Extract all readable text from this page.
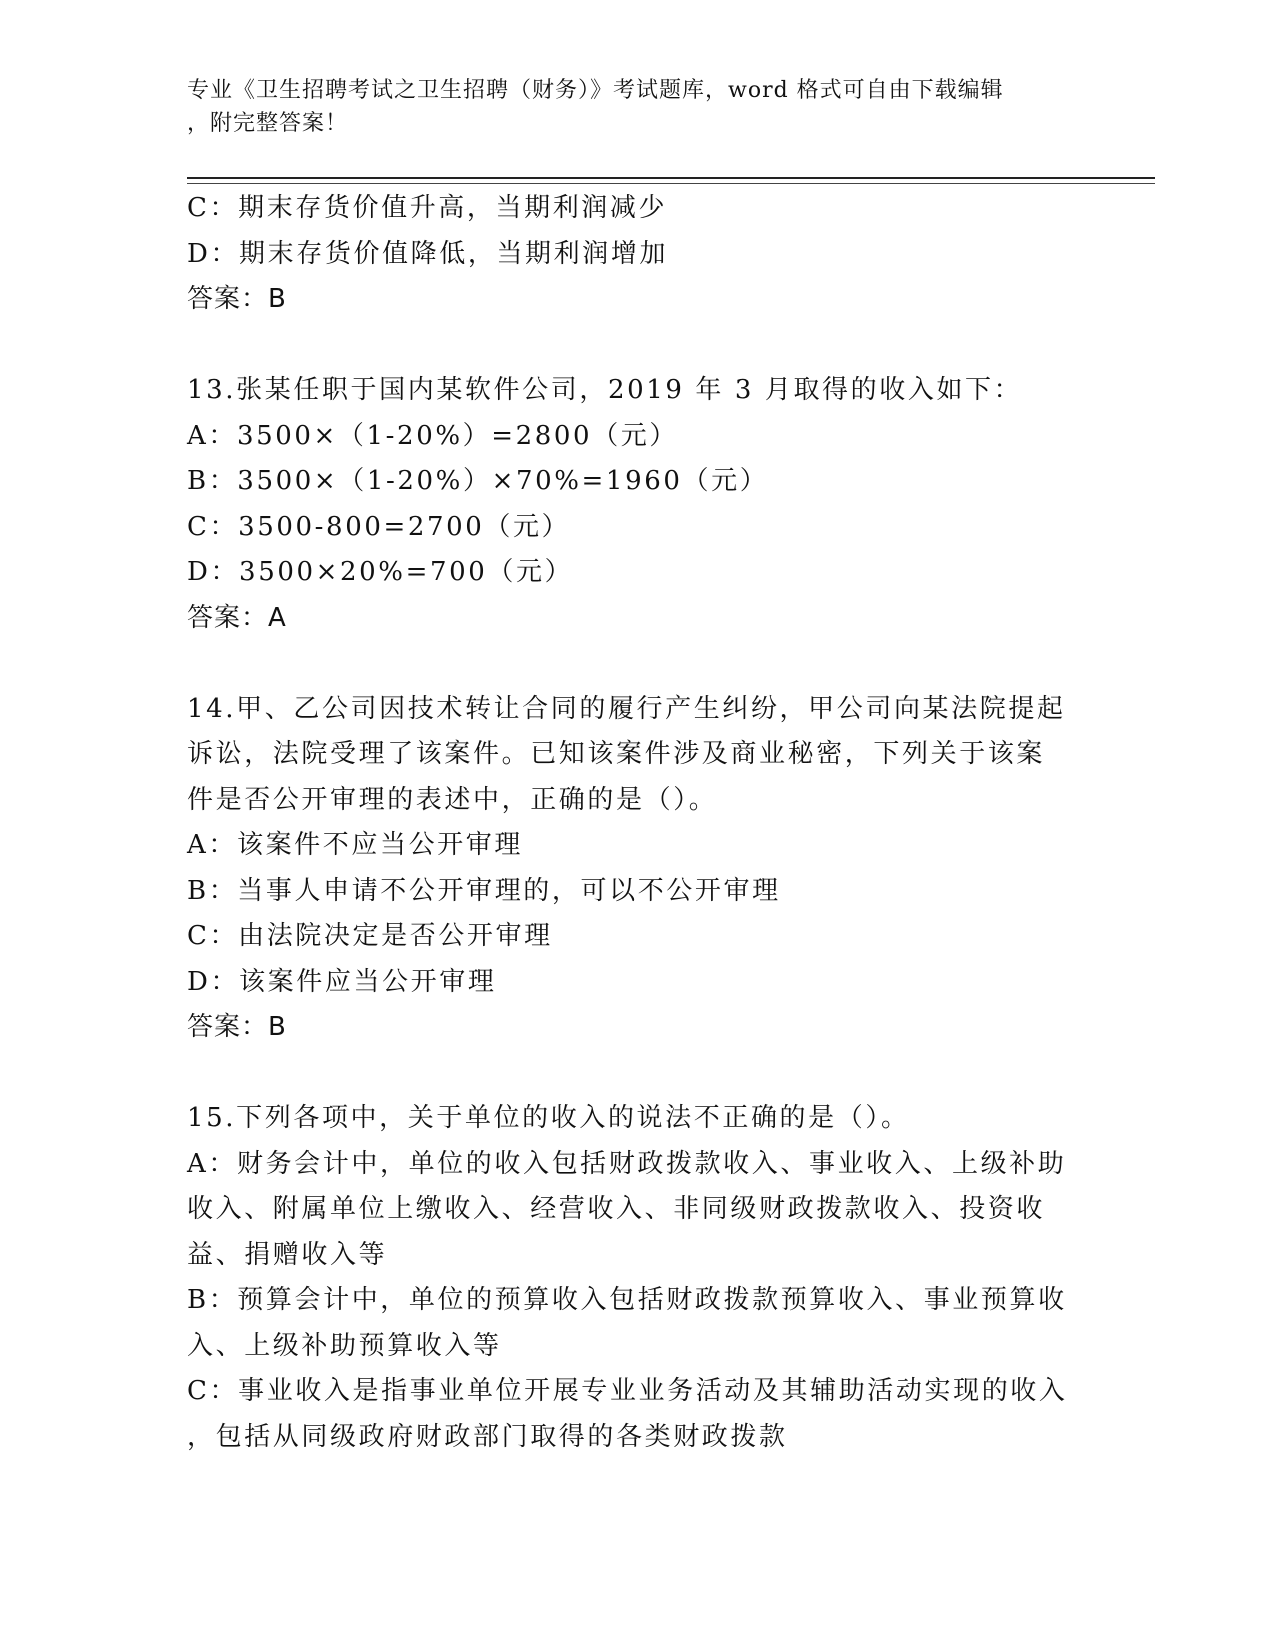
专业《卫生招聘考试之卫生招聘（财务）》考试题库，word 格式可自由下载编辑
，附完整答案！
C：期末存货价值升高，当期利润减少
D：期末存货价值降低，当期利润增加
答案：B
13.张某任职于国内某软件公司，2019 年 3 月取得的收入如下：
A：3500×（1-20%）=2800（元）
B：3500×（1-20%）×70%=1960（元）
C：3500-800=2700（元）
D：3500×20%=700（元）
答案：A
14.甲、乙公司因技术转让合同的履行产生纠纷，甲公司向某法院提起
诉讼，法院受理了该案件。已知该案件涉及商业秘密，下列关于该案
件是否公开审理的表述中，正确的是（）。
A：该案件不应当公开审理
B：当事人申请不公开审理的，可以不公开审理
C：由法院决定是否公开审理
D：该案件应当公开审理
答案：B
15.下列各项中，关于单位的收入的说法不正确的是（）。
A：财务会计中，单位的收入包括财政拨款收入、事业收入、上级补助
收入、附属单位上缴收入、经营收入、非同级财政拨款收入、投资收
益、捐赠收入等
B：预算会计中，单位的预算收入包括财政拨款预算收入、事业预算收
入、上级补助预算收入等
C：事业收入是指事业单位开展专业业务活动及其辅助活动实现的收入
，包括从同级政府财政部门取得的各类财政拨款
